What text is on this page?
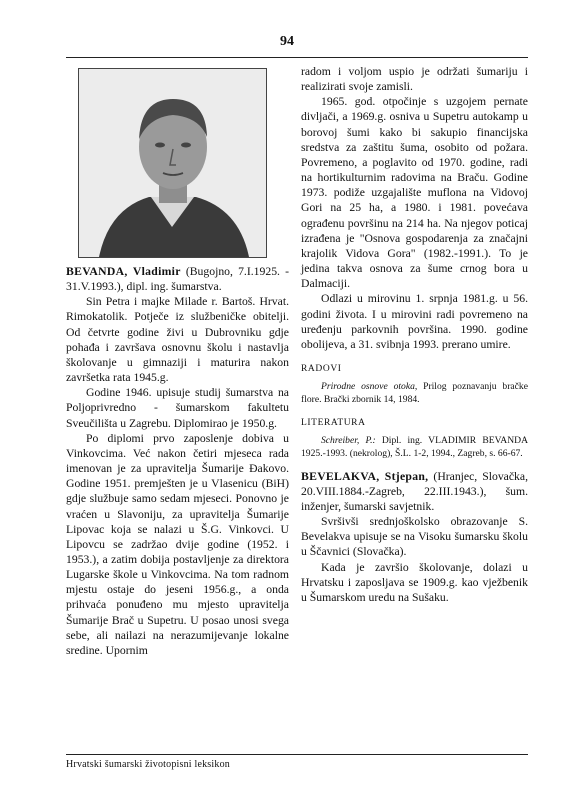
94

BEVANDA, Vladimir (Bugojno, 7.I.1925. - 31.V.1993.), dipl. ing. šumarstva.

Sin Petra i majke Milade r. Bartoš. Hrvat. Rimokatolik. Potječe iz službeničke obitelji. Od četvrte godine živi u Dubrovniku gdje pohađa i završava osnovnu školu i nastavlja školovanje u gimnaziji i maturira nakon završetka rata 1945.g.

Godine 1946. upisuje studij šumarstva na Poljoprivredno - šumarskom fakultetu Sveučilišta u Zagrebu. Diplomirao je 1950.g.

Po diplomi prvo zaposlenje dobiva u Vinkovcima. Već nakon četiri mjeseca rada imenovan je za upravitelja Šumarije Đakovo. Godine 1951. premješten je u Vlasenicu (BiH) gdje službuje samo sedam mjeseci. Ponovno je vraćen u Slavoniju, za upravitelja Šumarije Lipovac koja se nalazi u Š.G. Vinkovci. U Lipovcu se zadržao dvije godine (1952. i 1953.), a zatim dobija postavljenje za direktora Lugarske škole u Vinkovcima. Na tom radnom mjestu ostaje do jeseni 1956.g., a onda prihvaća ponuđeno mu mjesto upravitelja Šumarije Brač u Supetru. U posao unosi svega sebe, ali nailazi na nerazumijevanje lokalne sredine. Upornim

radom i voljom uspio je održati šumariju i realizirati svoje zamisli.

1965. god. otpočinje s uzgojem pernate divljači, a 1969.g. osniva u Supetru autokamp u borovoj šumi kako bi sakupio financijska sredstva za zaštitu šuma, osobito od požara. Povremeno, a poglavito od 1970. godine, radi na hortikulturnim radovima na Braču. Godine 1973. podiže uzgajalište muflona na Vidovoj Gori na 25 ha, a 1980. i 1981. povećava ograđenu površinu na 214 ha. Na njegov poticaj izrađena je "Osnova gospodarenja za značajni krajolik Vidova Gora" (1982.-1991.). To je jedina takva osnova za šume crnog bora u Dalmaciji.

Odlazi u mirovinu 1. srpnja 1981.g. u 56. godini života. I u mirovini radi povremeno na uređenju parkovnih površina. 1990. godine obolijeva, a 31. svibnja 1993. prerano umire.

RADOVI

Prirodne osnove otoka, Prilog poznavanju bračke flore. Brački zbornik 14, 1984.

LITERATURA

Schreiber, P.: Dipl. ing. VLADIMIR BEVANDA 1925.-1993. (nekrolog), Š.L. 1-2, 1994., Zagreb, s. 66-67.

BEVELAKVA, Stjepan, (Hranjec, Slovačka, 20.VIII.1884.-Zagreb, 22.III.1943.), šum. inženjer, šumarski savjetnik.

Svršivši srednjoškolsko obrazovanje S. Bevelakva upisuje se na Visoku šumarsku školu u Ščavnici (Slovačka).

Kada je završio školovanje, dolazi u Hrvatsku i zaposljava se 1909.g. kao vježbenik u Šumarskom uredu na Sušaku.

Hrvatski šumarski životopisni leksikon
